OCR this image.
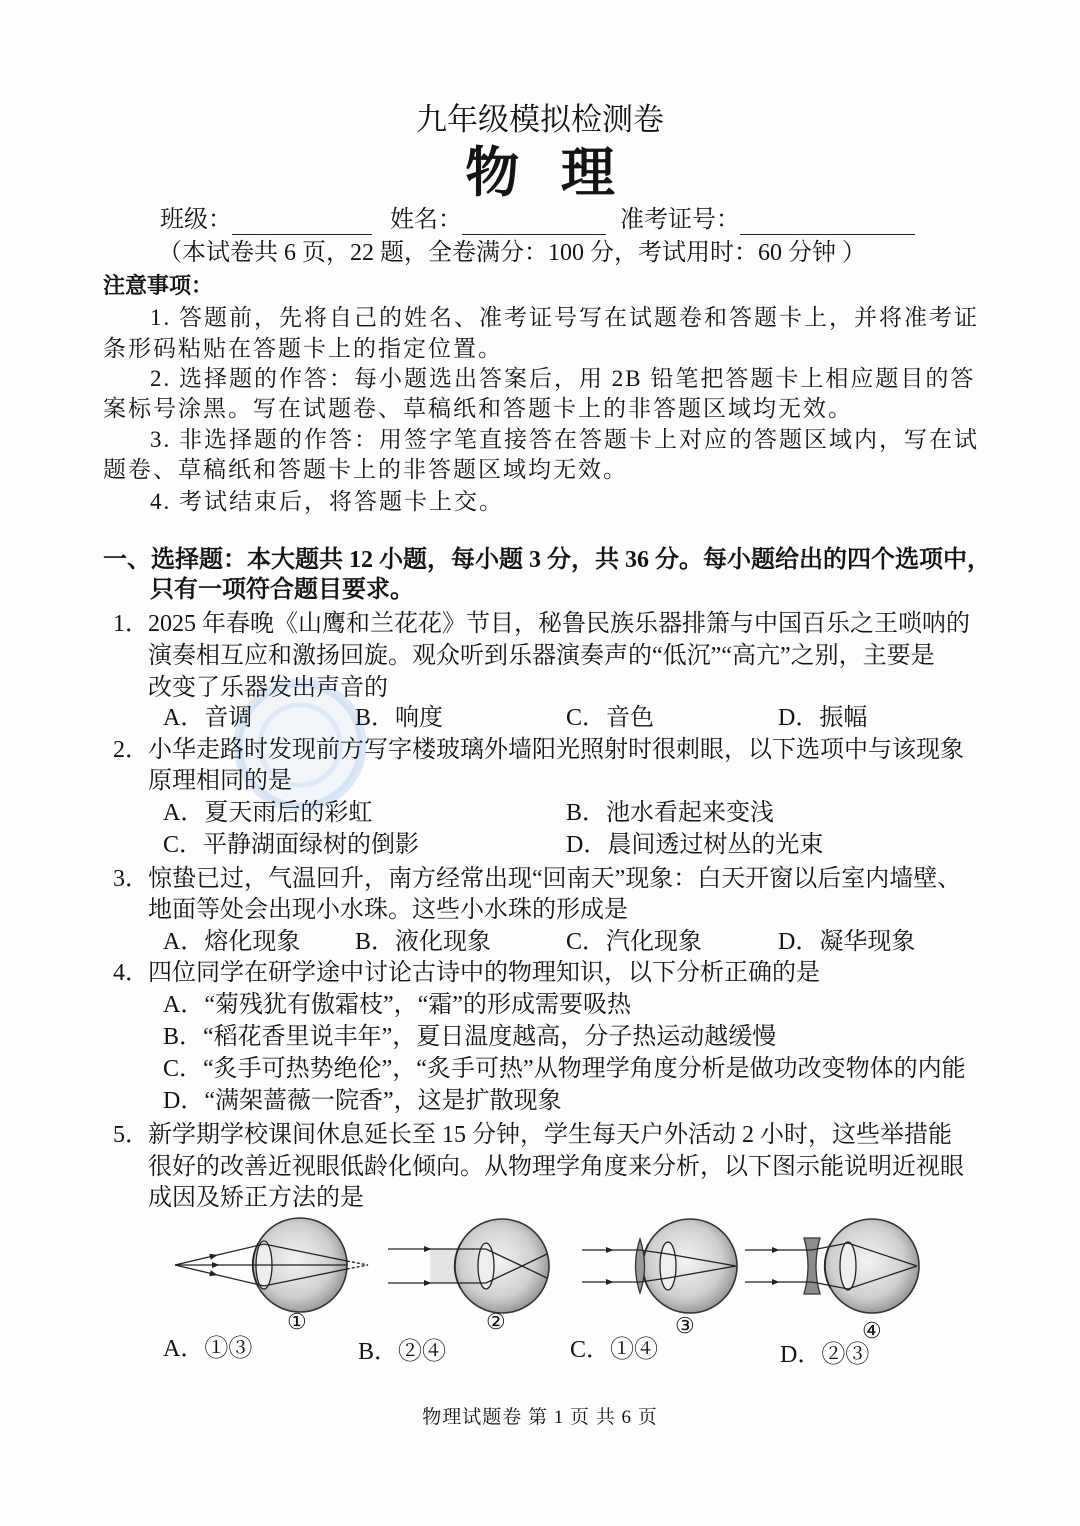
九年级模拟检测卷
物 理
班级：	姓名：	准考证号：
（本试卷共 6 页，22 题，全卷满分：100 分，考试用时：60 分钟 ）
注意事项：
1. 答题前，先将自己的姓名、准考证号写在试题卷和答题卡上，并将准考证
条形码粘贴在答题卡上的指定位置。
2. 选择题的作答：每小题选出答案后，用 2B 铅笔把答题卡上相应题目的答
案标号涂黑。写在试题卷、草稿纸和答题卡上的非答题区域均无效。
3. 非选择题的作答：用签字笔直接答在答题卡上对应的答题区域内，写在试
题卷、草稿纸和答题卡上的非答题区域均无效。
4. 考试结束后，将答题卡上交。
一、选择题：本大题共 12 小题，每小题 3 分，共 36 分。每小题给出的四个选项中，
只有一项符合题目要求。
1． 2025 年春晚《山鹰和兰花花》节目，秘鲁民族乐器排箫与中国百乐之王唢呐的
演奏相互应和激扬回旋。观众听到乐器演奏声的“低沉”“高亢”之别，主要是
改变了乐器发出声音的
A．音调	B．响度	C．音色	D．振幅
2． 小华走路时发现前方写字楼玻璃外墙阳光照射时很刺眼，以下选项中与该现象
原理相同的是
A．夏天雨后的彩虹	B．池水看起来变浅
C．平静湖面绿树的倒影	D．晨间透过树丛的光束
3． 惊蛰已过，气温回升，南方经常出现“回南天”现象：白天开窗以后室内墙壁、
地面等处会出现小水珠。这些小水珠的形成是
A．熔化现象 B．液化现象	C．汽化现象	D．凝华现象
4． 四位同学在研学途中讨论古诗中的物理知识，以下分析正确的是
A．“菊残犹有傲霜枝”，“霜”的形成需要吸热
B．“稻花香里说丰年”，夏日温度越高，分子热运动越缓慢
C．“炙手可热势绝伦”，“炙手可热”从物理学角度分析是做功改变物体的内能
D．“满架蔷薇一院香”，这是扩散现象
5． 新学期学校课间休息延长至 15 分钟，学生每天户外活动 2 小时，这些举措能
很好的改善近视眼低龄化倾向。从物理学角度来分析，以下图示能说明近视眼
成因及矫正方法的是
①	②	③	④
A．①③	B．②④	C．①④	D．②③
物理试题卷 第 1 页 共 6 页
